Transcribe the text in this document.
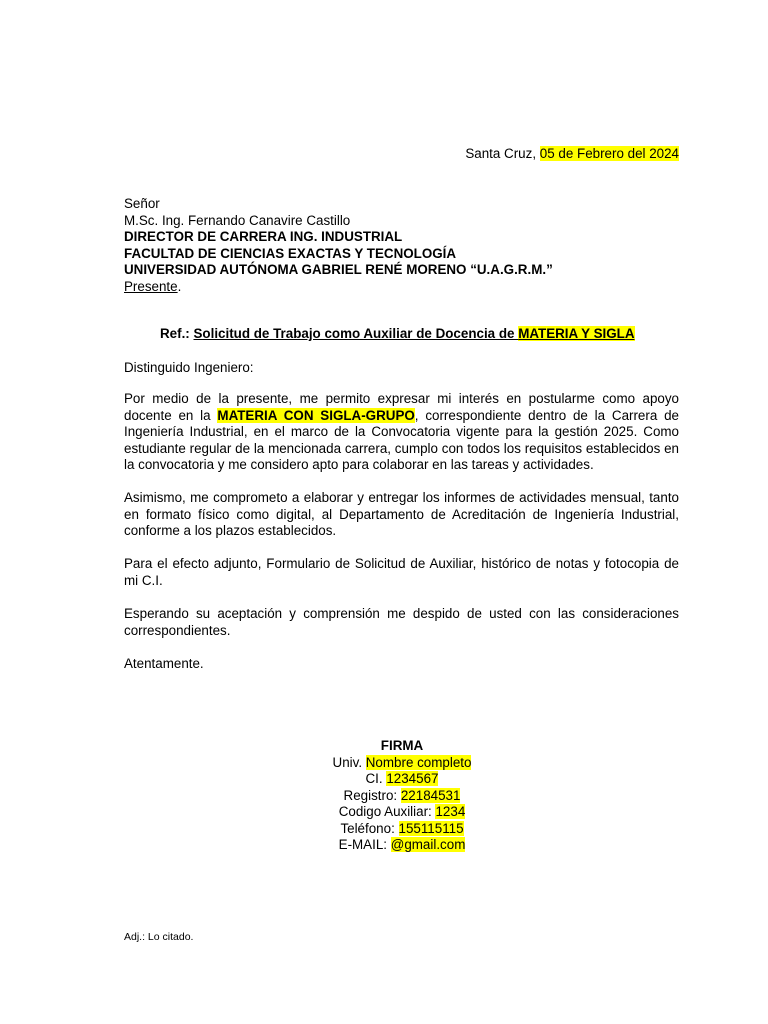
Santa Cruz, 05 de Febrero del 2024
Señor
M.Sc. Ing. Fernando Canavire Castillo
DIRECTOR DE CARRERA ING. INDUSTRIAL
FACULTAD DE CIENCIAS EXACTAS Y TECNOLOGÍA
UNIVERSIDAD AUTÓNOMA GABRIEL RENÉ MORENO “U.A.G.R.M.”
Presente.
Ref.: Solicitud de Trabajo como Auxiliar de Docencia de MATERIA Y SIGLA
Distinguido Ingeniero:
Por medio de la presente, me permito expresar mi interés en postularme como apoyo docente en la MATERIA CON SIGLA-GRUPO, correspondiente dentro de la Carrera de Ingeniería Industrial, en el marco de la Convocatoria vigente para la gestión 2025. Como estudiante regular de la mencionada carrera, cumplo con todos los requisitos establecidos en la convocatoria y me considero apto para colaborar en las tareas y actividades.
Asimismo, me comprometo a elaborar y entregar los informes de actividades mensual, tanto en formato físico como digital, al Departamento de Acreditación de Ingeniería Industrial, conforme a los plazos establecidos.
Para el efecto adjunto, Formulario de Solicitud de Auxiliar, histórico de notas y fotocopia de mi C.I.
Esperando su aceptación y comprensión me despido de usted con las consideraciones correspondientes.
Atentamente.
FIRMA
Univ. Nombre completo
CI. 1234567
Registro: 22184531
Codigo Auxiliar: 1234
Teléfono: 155115115
E-MAIL: @gmail.com
Adj.: Lo citado.
